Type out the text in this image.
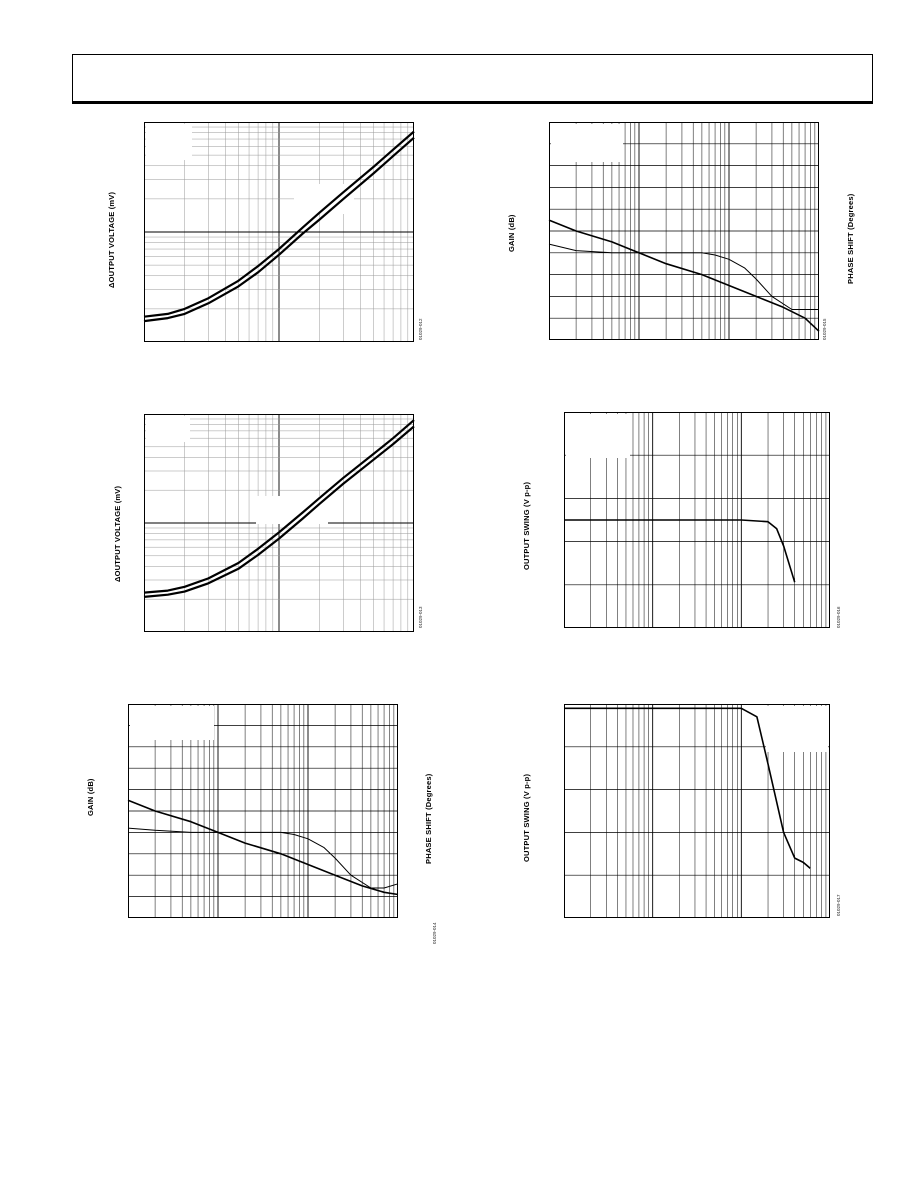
ΔOUTPUT VOLTAGE (mV)
01029-012
ΔOUTPUT VOLTAGE (mV)
01029-013
GAIN (dB)	PHASE SHIFT (Degrees)
01029-014
GAIN (dB)	PHASE SHIFT (Degrees)
01029-015
OUTPUT SWING (V p-p)
01029-016
OUTPUT SWING (V p-p)
01029-017
